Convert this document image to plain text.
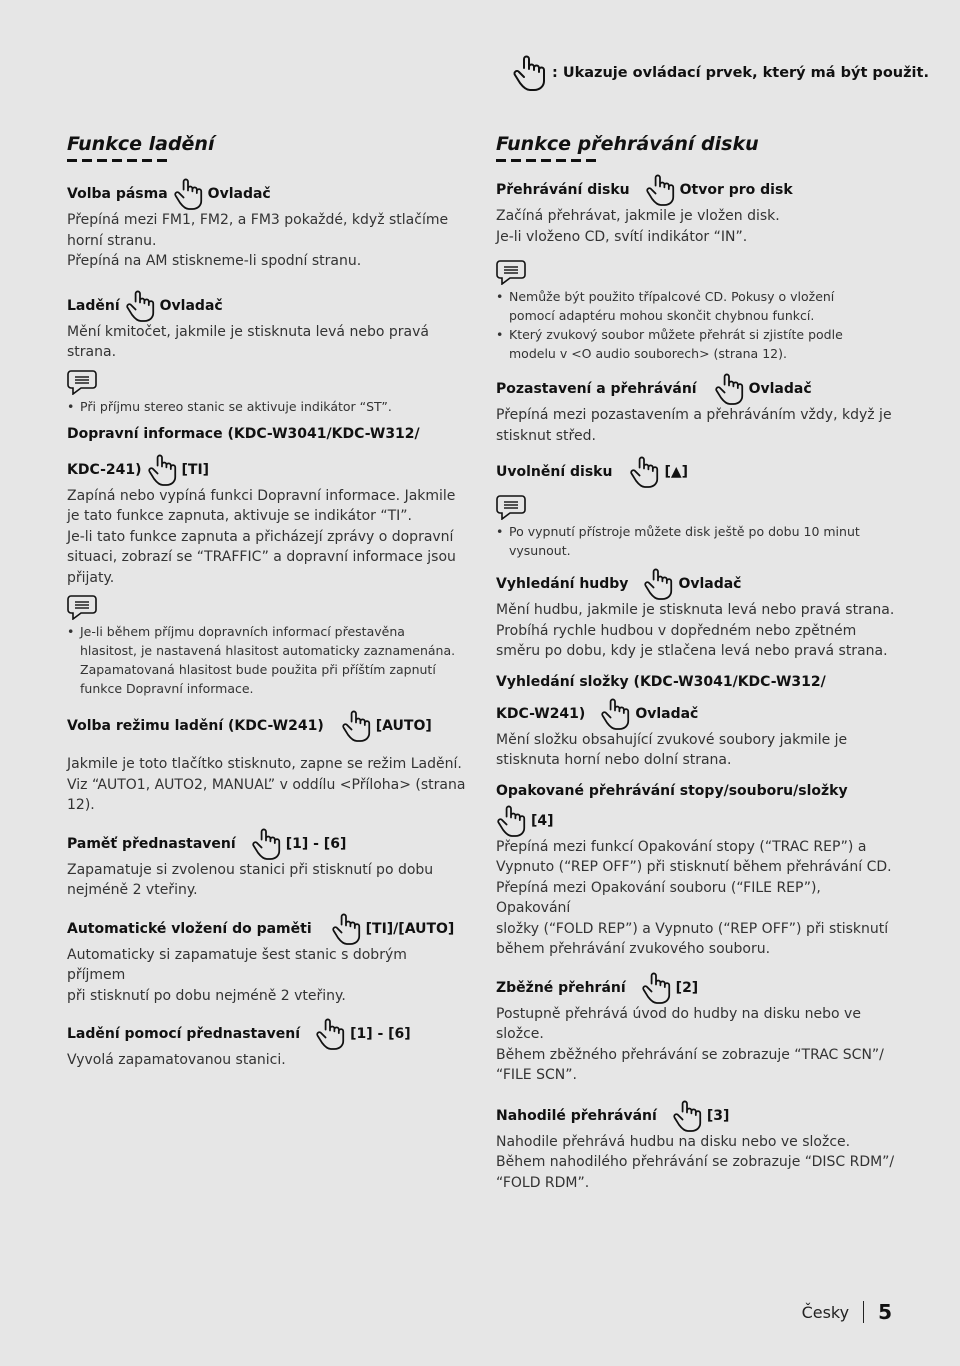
: Ukazuje ovládací prvek, který má být použit.
Funkce ladění
Volba pásma	Ovladač

Přepíná mezi FM1, FM2, a FM3 pokaždé, když stlačíme

horní stranu.

Přepíná na AM stiskneme-li spodní stranu.

Ladění	Ovladač

Mění kmitočet, jakmile je stisknuta levá nebo pravá

strana.

• Při příjmu stereo stanic se aktivuje indikátor “ST”.

Dopravní informace (KDC-W3041/KDC-W312/
KDC-241)	[TI]

Zapíná nebo vypíná funkci Dopravní informace. Jakmile

je tato funkce zapnuta, aktivuje se indikátor “TI”.

Je-li tato funkce zapnuta a přicházejí zprávy o dopravní

situaci, zobrazí se “TRAFFIC” a dopravní informace jsou

přijaty.

• Je-li během příjmu dopravních informací přestavěna

hlasitost, je nastavená hlasitost automaticky zaznamenána.

Zapamatovaná hlasitost bude použita při příštím zapnutí

funkce Dopravní informace.

Volba režimu ladění (KDC-W241)	[AUTO]

Jakmile je toto tlačítko stisknuto, zapne se režim Ladění.

Viz “AUTO1, AUTO2, MANUAL” v oddílu <Příloha> (strana

12).

Paměť přednastavení	[1] - [6]

Zapamatuje si zvolenou stanici při stisknutí po dobu

nejméně 2 vteřiny.

Automatické vložení do paměti	[TI]/[AUTO]

Automaticky si zapamatuje šest stanic s dobrým příjmem

při stisknutí po dobu nejméně 2 vteřiny.

Ladění pomocí přednastavení	[1] - [6]

Vyvolá zapamatovanou stanici.

Funkce přehrávání disku
Přehrávání disku	Otvor pro disk

Začíná přehrávat, jakmile je vložen disk.

Je-li vloženo CD, svítí indikátor “IN”.

• Nemůže být použito třípalcové CD. Pokusy o vložení

pomocí adaptéru mohou skončit chybnou funkcí.

• Který zvukový soubor můžete přehrát si zjistíte podle

modelu v <O audio souborech> (strana 12).

Pozastavení a přehrávání	Ovladač

Přepíná mezi pozastavením a přehráváním vždy, když je

stisknut střed.

Uvolnění disku	[▲]

• Po vypnutí přístroje můžete disk ještě po dobu 10 minut

vysunout.

Vyhledání hudby	Ovladač

Mění hudbu, jakmile je stisknuta levá nebo pravá strana.

Probíhá rychle hudbou v dopředném nebo zpětném

směru po dobu, kdy je stlačena levá nebo pravá strana.

Vyhledání složky (KDC-W3041/KDC-W312/
KDC-W241)	Ovladač

Mění složku obsahující zvukové soubory jakmile je

stisknuta horní nebo dolní strana.

Opakované přehrávání stopy/souboru/složky
[4]

Přepíná mezi funkcí Opakování stopy (“TRAC REP”) a

Vypnuto (“REP OFF”) při stisknutí během přehrávání CD.

Přepíná mezi Opakování souboru (“FILE REP”), Opakování

složky (“FOLD REP”) a Vypnuto (“REP OFF”) při stisknutí

během přehrávání zvukového souboru.

Zběžné přehrání	[2]

Postupně přehrává úvod do hudby na disku nebo ve

složce.

Během zběžného přehrávání se zobrazuje “TRAC SCN”/

“FILE SCN”.

Nahodilé přehrávání	[3]

Nahodile přehrává hudbu na disku nebo ve složce.

Během nahodilého přehrávání se zobrazuje “DISC RDM”/

“FOLD RDM”.

Česky 5
